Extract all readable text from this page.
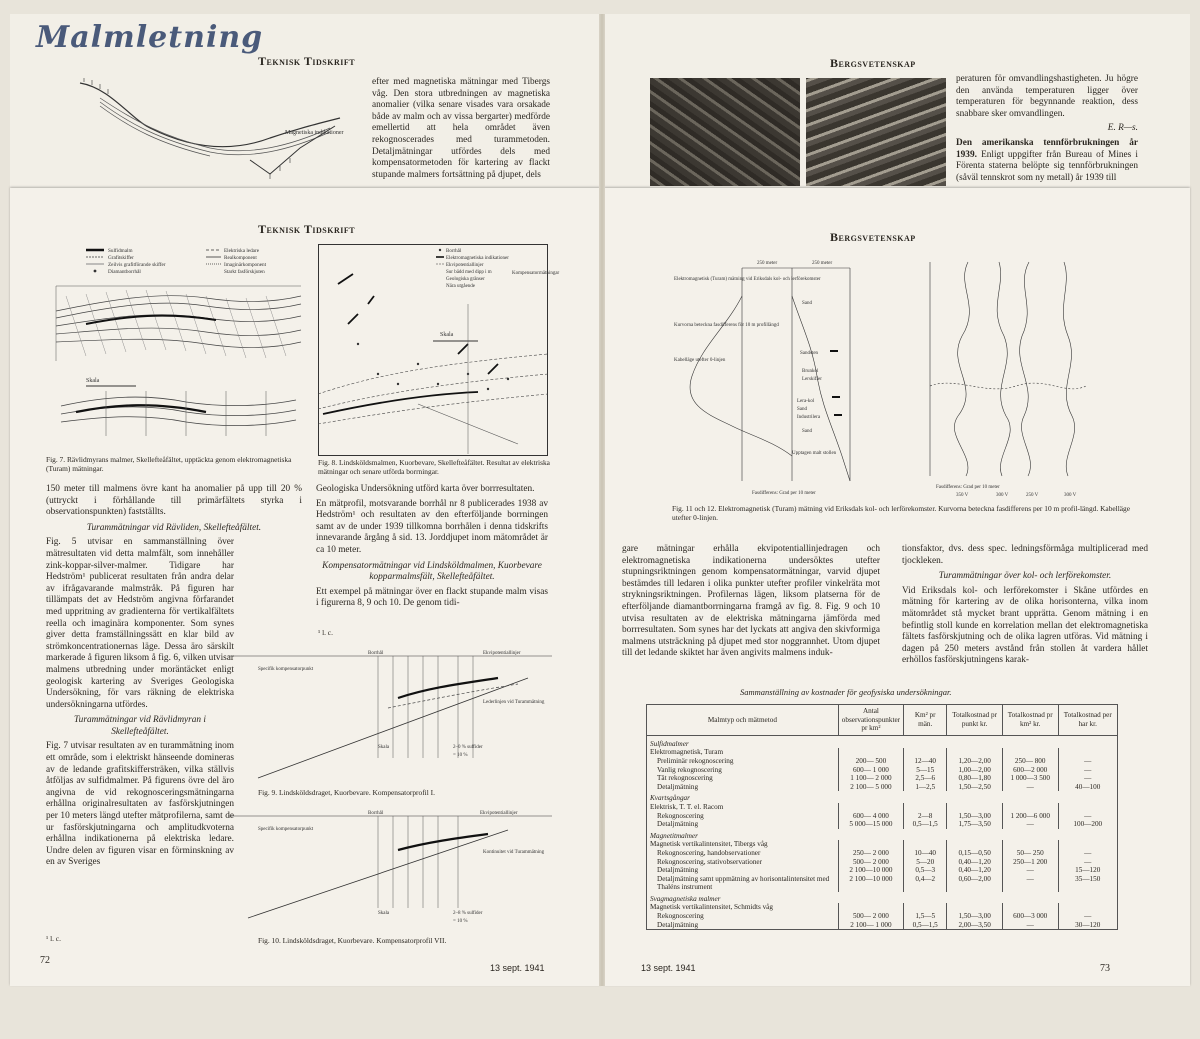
Malmletning
Teknisk Tidskrift
Magnetiska indikationer
efter med magnetiska mätningar med Tibergs våg. Den stora utbredningen av magnetiska anomalier (vilka senare visades vara orsakade både av malm och av vissa bergarter) medförde emellertid att hela området även rekognoscerades med turammetoden. Detaljmätningar utfördes dels med kompensatormetoden för kartering av flackt stupande malmers fortsättning på djupet, dels
Bergsvetenskap

peraturen för omvandlingshastigheten. Ju högre den använda temperaturen ligger över temperaturen för begynnande reaktion, dess snabbare sker omvandlingen.

E. R—s.

Den amerikanska tennförbrukningen år 1939. Enligt uppgifter från Bureau of Mines i Förenta staterna belöpte sig tennförbrukningen (såväl tennskrot som ny metall) år 1939 till

Teknisk Tidskrift
Sulfidmalm
Grafitskiffer
Zeilvis grafitförande skiffer
Diamantborrhål
Elektriska ledare
Realkomponent
Imaginärkomponent
Starkt fasförskjuten
Skala
Fig. 7. Rävlidmyrans malmer, Skellefteåfältet, upptäckta genom elektromagnetiska (Turam) mätningar.
Borrhål
Elektromagnetiska indikationer
Ekvipotentiallinjer
Sur bädd med dipp i m
Geologiska gränser
Nära utgående
Kompensatormätningar
Skala
Fig. 8. Lindsköldsmalmen, Kuorbevare, Skellefteåfältet. Resultat av elektriska mätningar och senare utförda borrningar.

150 meter till malmens övre kant ha anomalier på upp till 20 % (uttryckt i förhållande till primärfältets styrka i observationspunkten) fastställts.

Turammätningar vid Rävliden, Skellefteåfältet.

Fig. 5 utvisar en sammanställning över mätresultaten vid detta malmfält, som innehåller zink-koppar-silver-malmer. Tidigare har Hedström¹ publicerat resultaten från andra delar av ifrågavarande malmstråk. På figuren har tillämpats det av Hedström angivna förfarandet med uppritning av gradienterna för vertikalfältets reella och imaginära komponenter. Som synes giver detta framställningssätt en klar bild av strömkoncentrationernas läge. Dessa äro särskilt markerade å figuren liksom å fig. 6, vilken utvisar malmens utbredning under moräntäcket enligt geologisk kartering av Sveriges Geologiska Undersökning, för vars räkning de elektriska undersökningarna utfördes.

Turammätningar vid Rävlidmyran i Skellefteåfältet.

Fig. 7 utvisar resultaten av en turammätning inom ett område, som i elektriskt hänseende domineras av de ledande grafitskiffersträken, vilka ställvis åtföljas av sulfidmalmer. På figurens övre del äro angivna de vid rekognosceringsmätningarna erhållna originalresultaten av fasförskjutningen per 10 meters längd utefter mätprofilerna, samt de ur fasförskjutningarna och amplitudkvoterna erhållna indikationerna på elektriska ledare. Undre delen av figuren visar en förminskning av en av Sveriges

¹ l. c.

Geologiska Undersökning utförd karta över borrresultaten.

En mätprofil, motsvarande borrhål nr 8 publicerades 1938 av Hedström¹ och resultaten av den efterföljande borrningen samt av de under 1939 tillkomna borrhålen i denna tidskrifts innevarande årgång å sid. 13. Jorddjupet inom mätområdet är ca 10 meter.

Kompensatormätningar vid Lindsköldmalmen, Kuorbevare kopparmalmsfält, Skellefteåfältet.

Ett exempel på mätningar över en flackt stupande malm visas i figurerna 8, 9 och 10. De genom tidi-

¹ l. c.
Borrhål	Ekvipotentiallinjer
Specifik kompensatorpunkt
Lederlinjen vid Turammätning
Skala	2–0 % suffider
= 10 %
Fig. 9. Lindsköldsdraget, Kuorbevare. Kompensatorprofil I.
Borrhål	Ekvipotentiallinjer
Specifik kompensatorpunkt
Kontinuitet vid Turammätning
Skala	2–8 % sulfider
= 10 %
Fig. 10. Lindsköldsdraget, Kuorbevare. Kompensatorprofil VII.
72
13 sept. 1941
Bergsvetenskap
Elektromagnetisk (Turam) mätning vid Eriksdals kol- och lerförekomster
Kurvorna beteckna fasdifferens för 10 m profillängd
Kabelläge utefter 0-linjen
Sand
Sandsten
Brunkol
Lerskiffer
Lera-kol
Sand
Industrilera
Sand
Upptagen malt stollen
Fasdifferens: Grad per 10 meter
250 meter	250 meter
Fasdifferens: Grad per 10 meter
350 V	300 V	250 V	300 V
Fig. 11 och 12. Elektromagnetisk (Turam) mätning vid Eriksdals kol- och lerförekomster. Kurvorna beteckna fasdifferens per 10 m profil-längd. Kabelläge utefter 0-linjen.
gare mätningar erhålla ekvipotentiallinjedragen och elektromagnetiska indikationerna undersöktes utefter stupningsriktningen genom kompensatormätningar, varvid djupet bestämdes till ledaren i olika punkter utefter profiler vinkelräta mot strykningsriktningen. Profilernas lägen, liksom platserna för de efterföljande diamantborrningarna framgå av fig. 8. Fig. 9 och 10 utvisa resultaten av de elektriska mätningarna jämförda med borrresultaten. Som synes har det lyckats att angiva den skivformiga malmens utsträckning på djupet med stor noggrannhet. Utom djupet till det ledande skiktet har även angivits malmens induk-

tionsfaktor, dvs. dess spec. ledningsförmåga multiplicerad med tjockleken.

Turammätningar över kol- och lerförekomster.

Vid Eriksdals kol- och lerförekomster i Skåne utfördes en mätning för kartering av de olika horisonterna, vilka inom mätområdet stå mycket brant upprätta. Genom mätning i en befintlig stoll kunde en korrelation mellan det elektromagnetiska fältets fasförskjutning och de olika lagren utföras. Vid mätning i dagen på 250 meters avstånd från stollen åt vardera hållet erhöllos fasförskjutningens karak-

Sammanställning av kostnader för geofysiska undersökningar.
Malmtyp och mätmetod	Antal observationspunkter pr km²	Km² pr män.	Totalkostnad pr punkt kr.	Totalkostnad pr km² kr.	Totalkostnad per har kr.
Sulfidmalmer					
Elektromagnetisk, Turam					
Preliminär rekognoscering	200— 500	12—40	1,20—2,00	250— 800	—
Vanlig rekognoscering	600— 1 000	5—15	1,00—2,00	600—2 000	—
Tät rekognoscering	1 100— 2 000	2,5—6	0,80—1,80	1 000—3 500	—
Detaljmätning	2 100— 5 000	1—2,5	1,50—2,50	—	40—100
Kvartsgångar					
Elektrisk, T. T. el. Racom					
Rekognoscering	600— 4 000	2—8	1,50—3,00	1 200—6 000	—
Detaljmätning	5 000—15 000	0,5—1,5	1,75—3,50	—	100—200
Magnetitmalmer					
Magnetisk vertikalintensitet, Tibergs våg					
Rekognoscering, handobservationer	250— 2 000	10—40	0,15—0,50	50— 250	—
Rekognoscering, stativobservationer	500— 2 000	5—20	0,40—1,20	250—1 200	—
Detaljmätning	2 100—10 000	0,5—3	0,40—1,20	—	15—120
Detaljmätning samt uppmätning av horisontalintensitet med Thaléns instrument	2 100—10 000	0,4—2	0,60—2,00	—	35—150
Svagmagnetiska malmer					
Magnetisk vertikalintensitet, Schmidts våg					
Rekognoscering	500— 2 000	1,5—5	1,50—3,00	600—3 000	—
Detaljmätning	2 100— 1 000	0,5—1,5	2,00—3,50	—	30—120
13 sept. 1941	73
